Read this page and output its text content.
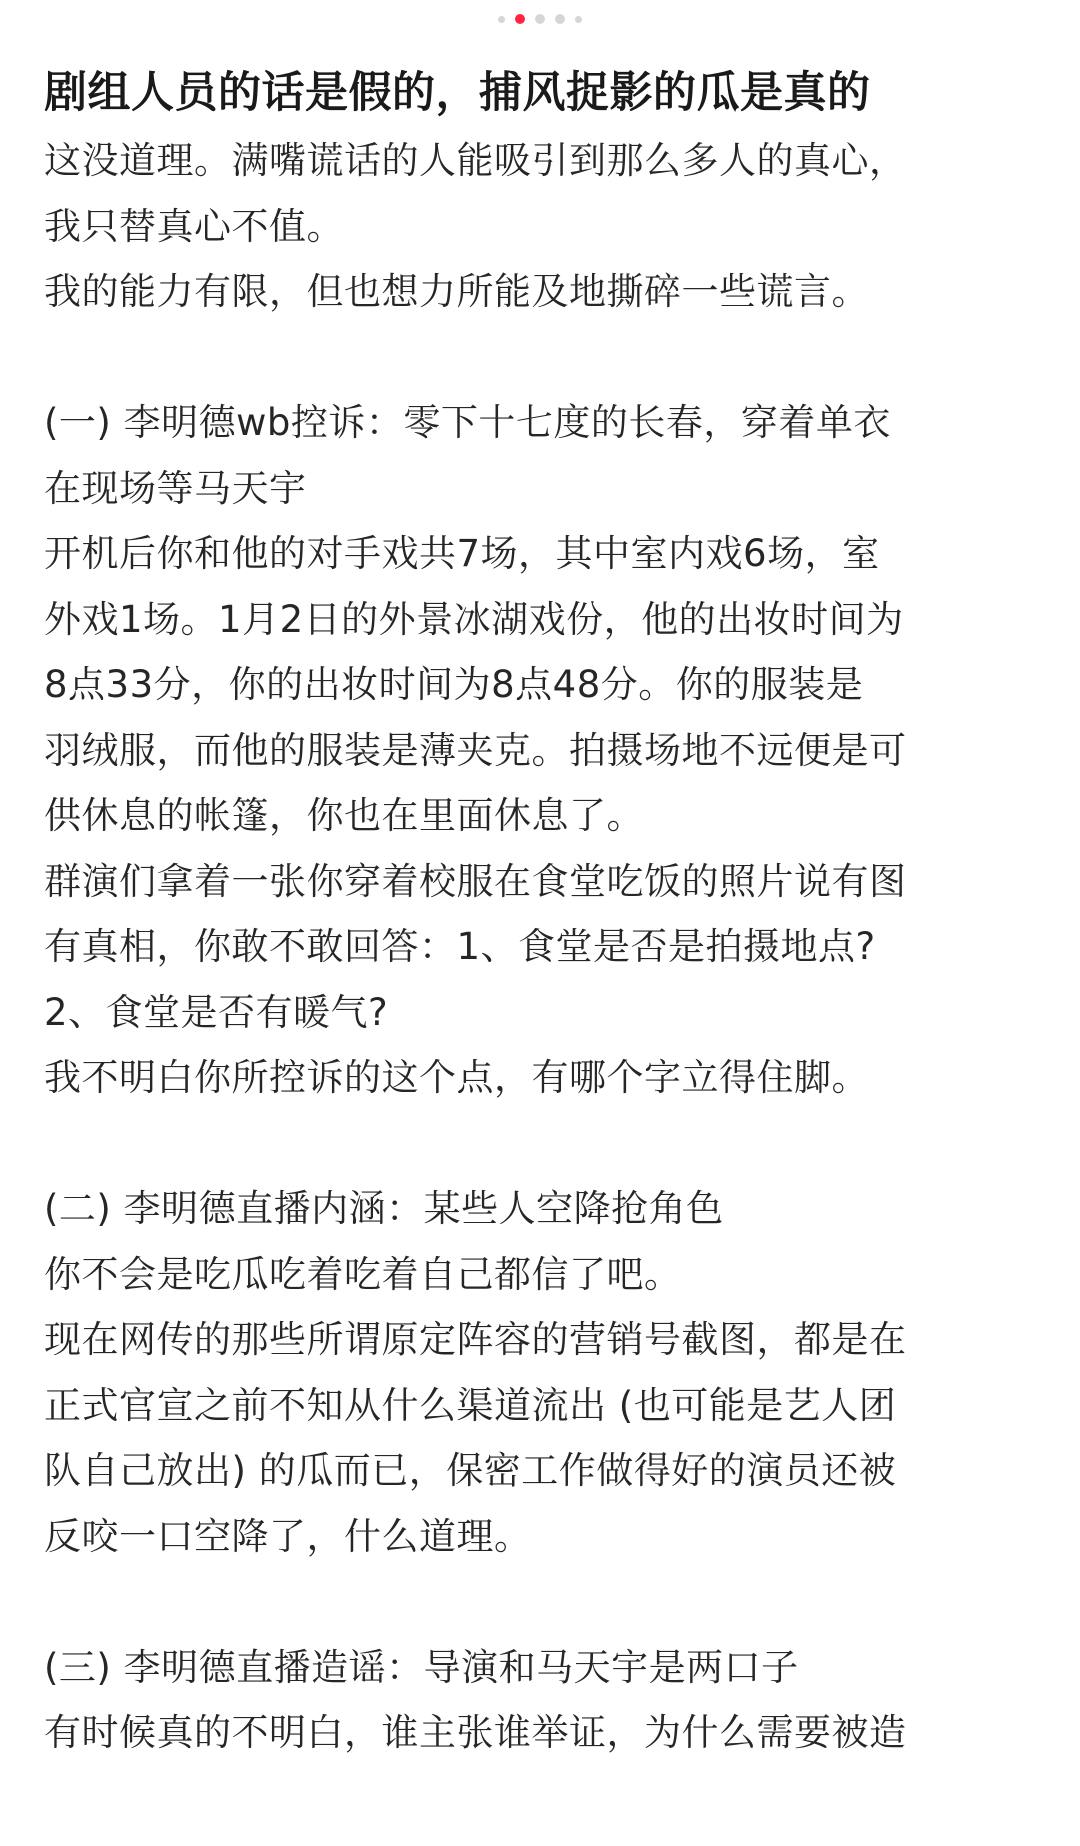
剧组人员的话是假的，捕风捉影的瓜是真的
这没道理。满嘴谎话的人能吸引到那么多人的真心，
我只替真心不值。
我的能力有限，但也想力所能及地撕碎一些谎言。
(一) 李明德wb控诉：零下十七度的长春，穿着单衣
在现场等马天宇
开机后你和他的对手戏共7场，其中室内戏6场，室
外戏1场。1月2日的外景冰湖戏份，他的出妆时间为
8点33分，你的出妆时间为8点48分。你的服装是
羽绒服，而他的服装是薄夹克。拍摄场地不远便是可
供休息的帐篷，你也在里面休息了。
群演们拿着一张你穿着校服在食堂吃饭的照片说有图
有真相，你敢不敢回答：1、食堂是否是拍摄地点?
2、食堂是否有暖气?
我不明白你所控诉的这个点，有哪个字立得住脚。
(二) 李明德直播内涵：某些人空降抢角色
你不会是吃瓜吃着吃着自己都信了吧。
现在网传的那些所谓原定阵容的营销号截图，都是在
正式官宣之前不知从什么渠道流出 (也可能是艺人团
队自己放出) 的瓜而已，保密工作做得好的演员还被
反咬一口空降了，什么道理。
(三) 李明德直播造谣：导演和马天宇是两口子
有时候真的不明白，谁主张谁举证，为什么需要被造
